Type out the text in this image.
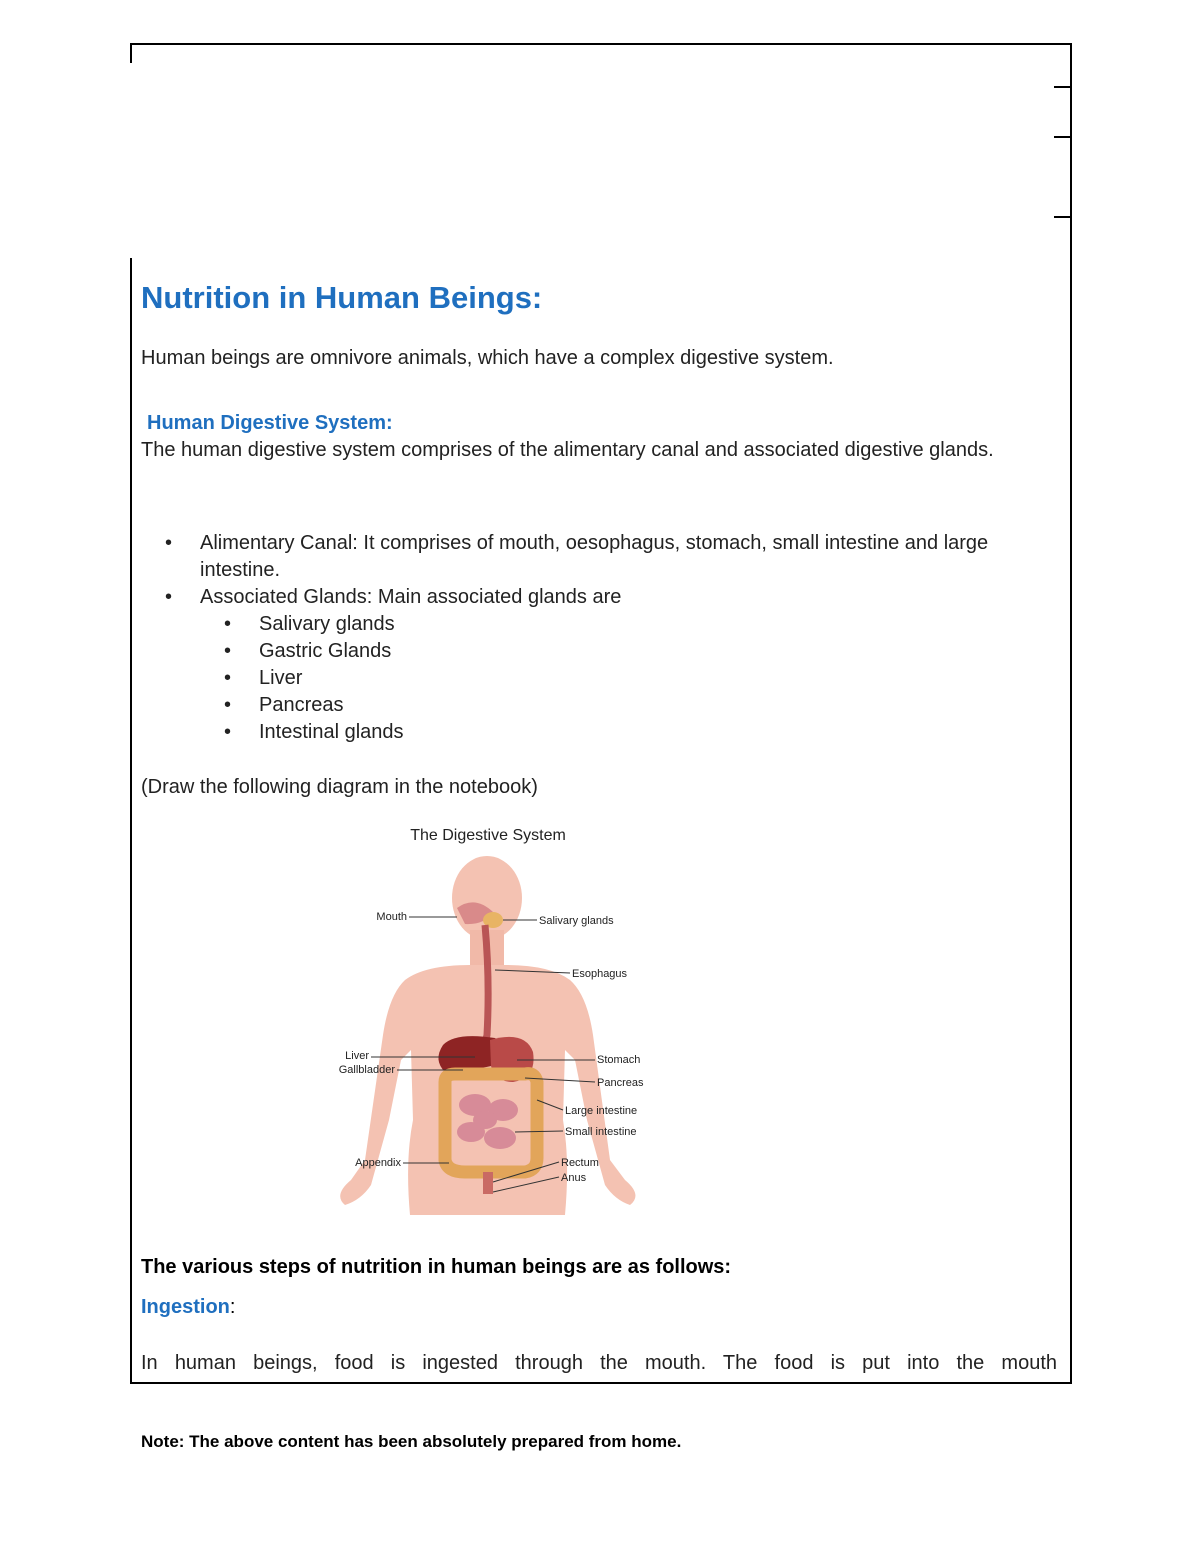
Nutrition in Human Beings:

Human beings are omnivore animals, which have a complex digestive system.

Human Digestive System:

The human digestive system comprises of the alimentary canal and associated digestive glands.

• Alimentary Canal: It comprises of mouth, oesophagus, stomach, small intestine and large intestine.
• Associated Glands: Main associated glands are
• Salivary glands
• Gastric Glands
• Liver
• Pancreas
• Intestinal glands

(Draw the following diagram in the notebook)

The Digestive System
Mouth	Salivary glands
Esophagus
Liver
Gallbladder
Stomach
Pancreas
Large intestine
Small intestine
Appendix	Rectum
Anus

The various steps of nutrition in human beings are as follows:

Ingestion:

In human beings, food is ingested through the mouth. The food is put into the mouth

Note: The above content has been absolutely prepared from home.
